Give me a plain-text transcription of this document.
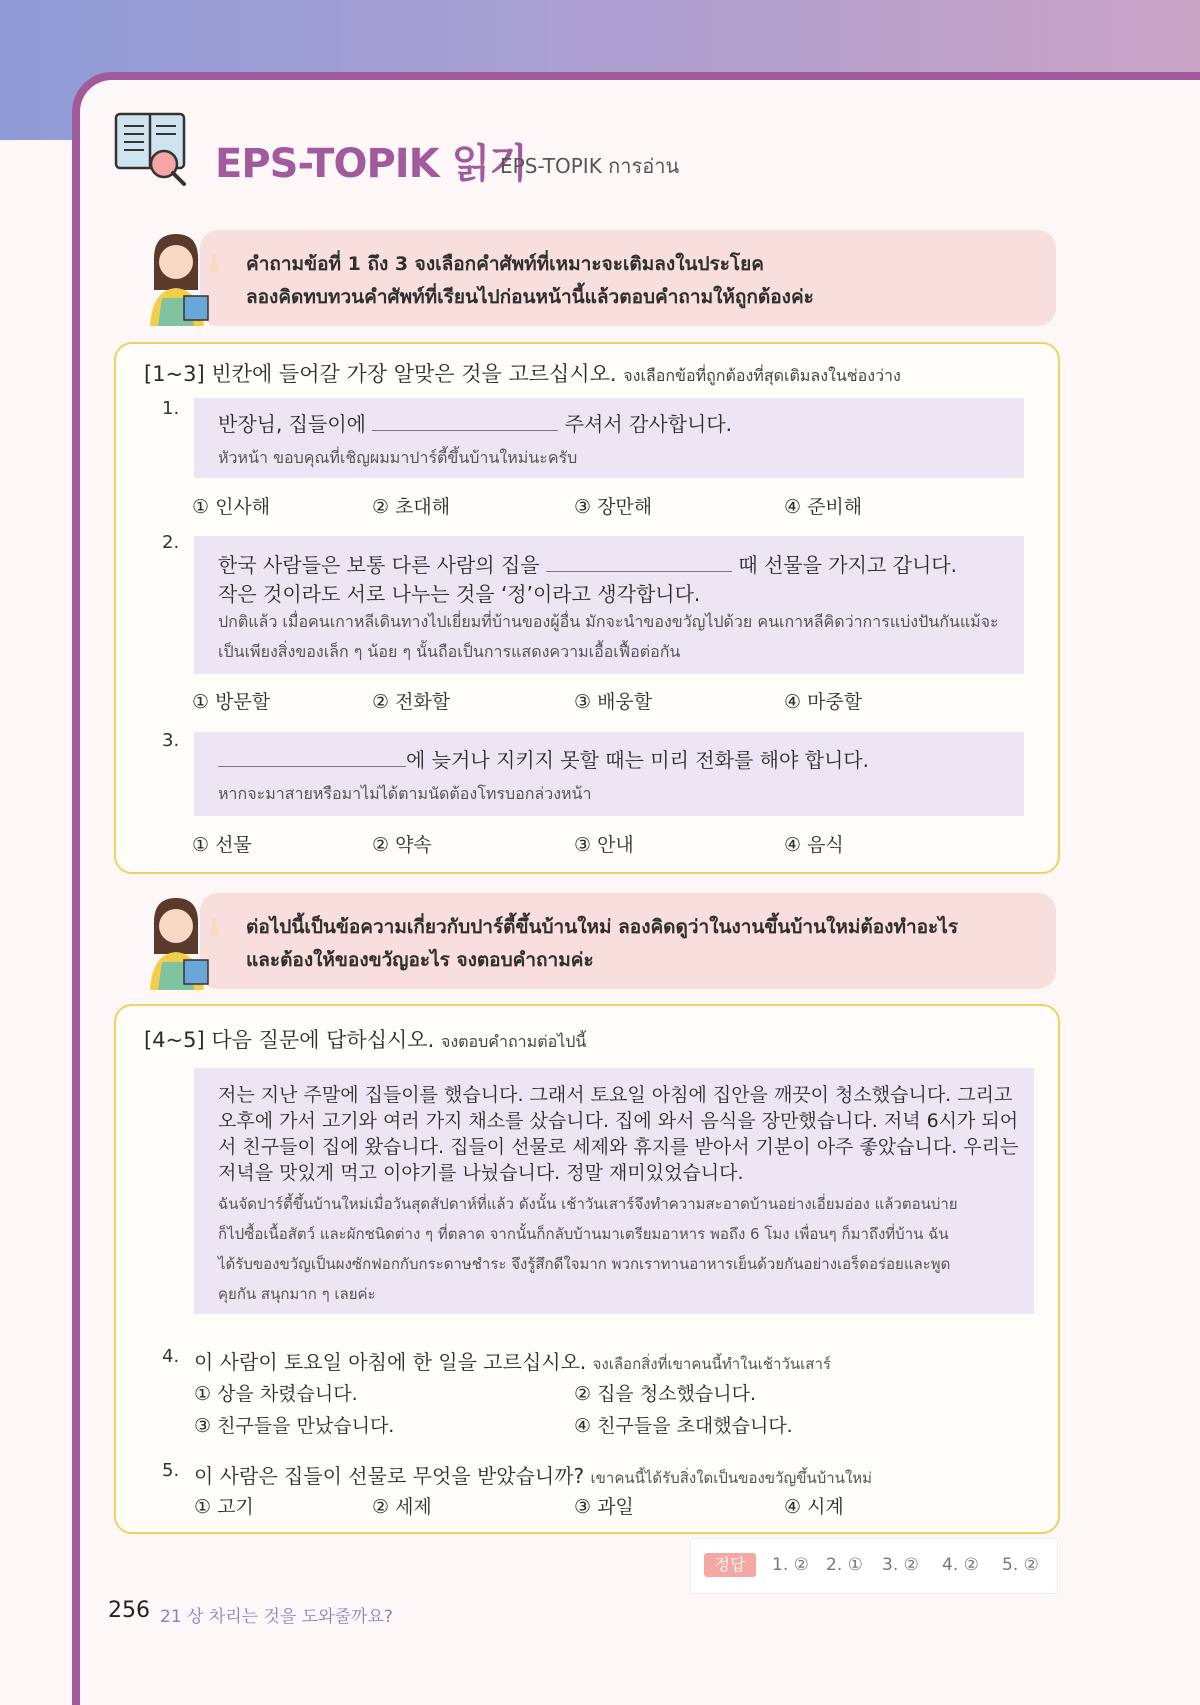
EPS-TOPIK 읽기
EPS-TOPIK การอ่าน
คำถามข้อที่ 1 ถึง 3 จงเลือกคำศัพท์ที่เหมาะจะเติมลงในประโยค
ลองคิดทบทวนคำศัพท์ที่เรียนไปก่อนหน้านี้แล้วตอบคำถามให้ถูกต้องค่ะ
[1~3] 빈칸에 들어갈 가장 알맞은 것을 고르십시오. จงเลือกข้อที่ถูกต้องที่สุดเติมลงในช่องว่าง
1.
반장님, 집들이에	주셔서 감사합니다.
หัวหน้า ขอบคุณที่เชิญผมมาปาร์ตี้ขึ้นบ้านใหม่นะครับ
① 인사해	② 초대해	③ 장만해	④ 준비해
2.
한국 사람들은 보통 다른 사람의 집을	때 선물을 가지고 갑니다.
작은 것이라도 서로 나누는 것을 ‘정’이라고 생각합니다.
ปกติแล้ว เมื่อคนเกาหลีเดินทางไปเยี่ยมที่บ้านของผู้อื่น มักจะนำของขวัญไปด้วย คนเกาหลีคิดว่าการแบ่งปันกันแม้จะ
เป็นเพียงสิ่งของเล็ก ๆ น้อย ๆ นั้นถือเป็นการแสดงความเอื้อเฟื้อต่อกัน
① 방문할	② 전화할	③ 배웅할	④ 마중할
3.
에 늦거나 지키지 못할 때는 미리 전화를 해야 합니다.
หากจะมาสายหรือมาไม่ได้ตามนัดต้องโทรบอกล่วงหน้า
① 선물	② 약속	③ 안내	④ 음식
ต่อไปนี้เป็นข้อความเกี่ยวกับปาร์ตี้ขึ้นบ้านใหม่ ลองคิดดูว่าในงานขึ้นบ้านใหม่ต้องทำอะไร
และต้องให้ของขวัญอะไร จงตอบคำถามค่ะ
[4~5] 다음 질문에 답하십시오. จงตอบคำถามต่อไปนี้
저는 지난 주말에 집들이를 했습니다. 그래서 토요일 아침에 집안을 깨끗이 청소했습니다. 그리고
오후에 가서 고기와 여러 가지 채소를 샀습니다. 집에 와서 음식을 장만했습니다. 저녁 6시가 되어
서 친구들이 집에 왔습니다. 집들이 선물로 세제와 휴지를 받아서 기분이 아주 좋았습니다. 우리는
저녁을 맛있게 먹고 이야기를 나눴습니다. 정말 재미있었습니다.
ฉันจัดปาร์ตี้ขึ้นบ้านใหม่เมื่อวันสุดสัปดาห์ที่แล้ว ดังนั้น เช้าวันเสาร์จึงทำความสะอาดบ้านอย่างเอี่ยมอ่อง แล้วตอนบ่าย
ก็ไปซื้อเนื้อสัตว์ และผักชนิดต่าง ๆ ที่ตลาด จากนั้นก็กลับบ้านมาเตรียมอาหาร พอถึง 6 โมง เพื่อนๆ ก็มาถึงที่บ้าน ฉัน
ได้รับของขวัญเป็นผงซักฟอกกับกระดาษชำระ จึงรู้สึกดีใจมาก พวกเราทานอาหารเย็นด้วยกันอย่างเอร็ดอร่อยและพูด
คุยกัน สนุกมาก ๆ เลยค่ะ
4. 이 사람이 토요일 아침에 한 일을 고르십시오. จงเลือกสิ่งที่เขาคนนี้ทำในเช้าวันเสาร์
① 상을 차렸습니다.	② 집을 청소했습니다.
③ 친구들을 만났습니다.	④ 친구들을 초대했습니다.
5. 이 사람은 집들이 선물로 무엇을 받았습니까? เขาคนนี้ได้รับสิ่งใดเป็นของขวัญขึ้นบ้านใหม่
① 고기	② 세제	③ 과일	④ 시계
정답	1. ② 2. ① 3. ② 4. ② 5. ②
256 21 상 차리는 것을 도와줄까요?
